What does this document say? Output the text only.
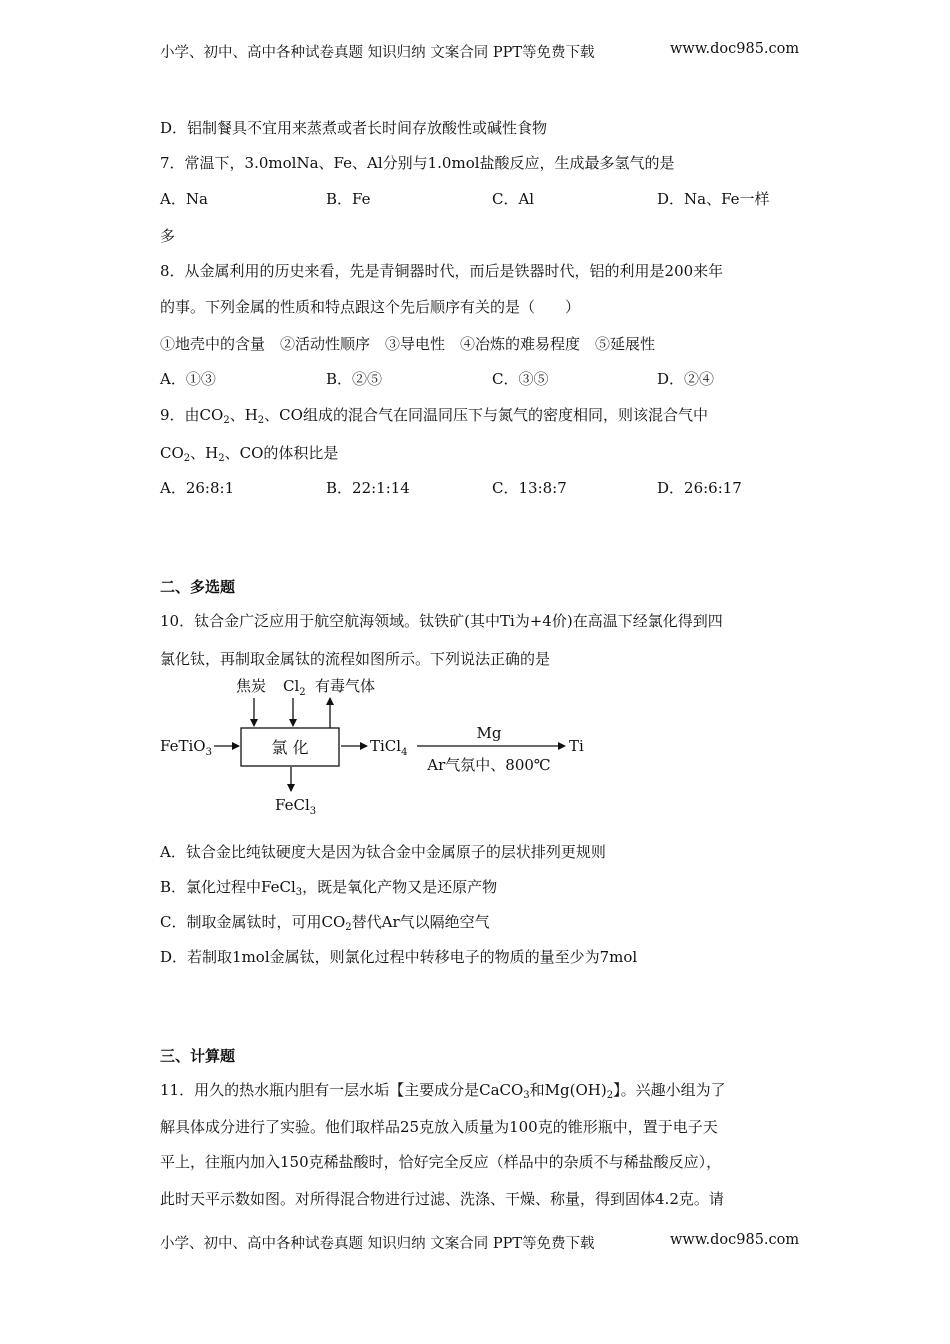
小学、初中、高中各种试卷真题 知识归纳 文案合同 PPT等免费下载	www.doc985.com
D．铝制餐具不宜用来蒸煮或者长时间存放酸性或碱性食物
7．常温下，3.0molNa、Fe、Al分别与1.0mol盐酸反应，生成最多氢气的是
A．Na	B．Fe	C．Al	D．Na、Fe一样
多
8．从金属利用的历史来看，先是青铜器时代，而后是铁器时代，铝的利用是200来年
的事。下列金属的性质和特点跟这个先后顺序有关的是（　　）
①地壳中的含量　②活动性顺序　③导电性　④冶炼的难易程度　⑤延展性
A．①③	B．②⑤	C．③⑤	D．②④
9．由$CO_2$、$H_2$、CO组成的混合气在同温同压下与氮气的密度相同，则该混合气中
$CO_2$、$H_2$、CO的体积比是
A．26:8:1	B．22:1:14	C．13:8:7	D．26:6:17
二、多选题
10．钛合金广泛应用于航空航海领域。钛铁矿(其中Ti为+4价)在高温下经氯化得到四
氯化钛，再制取金属钛的流程如图所示。下列说法正确的是
焦炭 $Cl_2$ 有毒气体
FeTiO$_3$	氯 化	TiCl$_4$
Mg
Ar气氛中、800℃
Ti
FeCl$_3$
A．钛合金比纯钛硬度大是因为钛合金中金属原子的层状排列更规则
B．氯化过程中FeCl$_3$，既是氧化产物又是还原产物
C．制取金属钛时，可用$CO_2$替代Ar气以隔绝空气
D．若制取1mol金属钛，则氯化过程中转移电子的物质的量至少为7mol
三、计算题
11．用久的热水瓶内胆有一层水垢【主要成分是CaCO$_3$和$Mg(OH)_2$】。兴趣小组为了
解具体成分进行了实验。他们取样品25克放入质量为100克的锥形瓶中，置于电子天
平上，往瓶内加入150克稀盐酸时，恰好完全反应（样品中的杂质不与稀盐酸反应），
此时天平示数如图。对所得混合物进行过滤、洗涤、干燥、称量，得到固体4.2克。请
小学、初中、高中各种试卷真题 知识归纳 文案合同 PPT等免费下载	www.doc985.com
